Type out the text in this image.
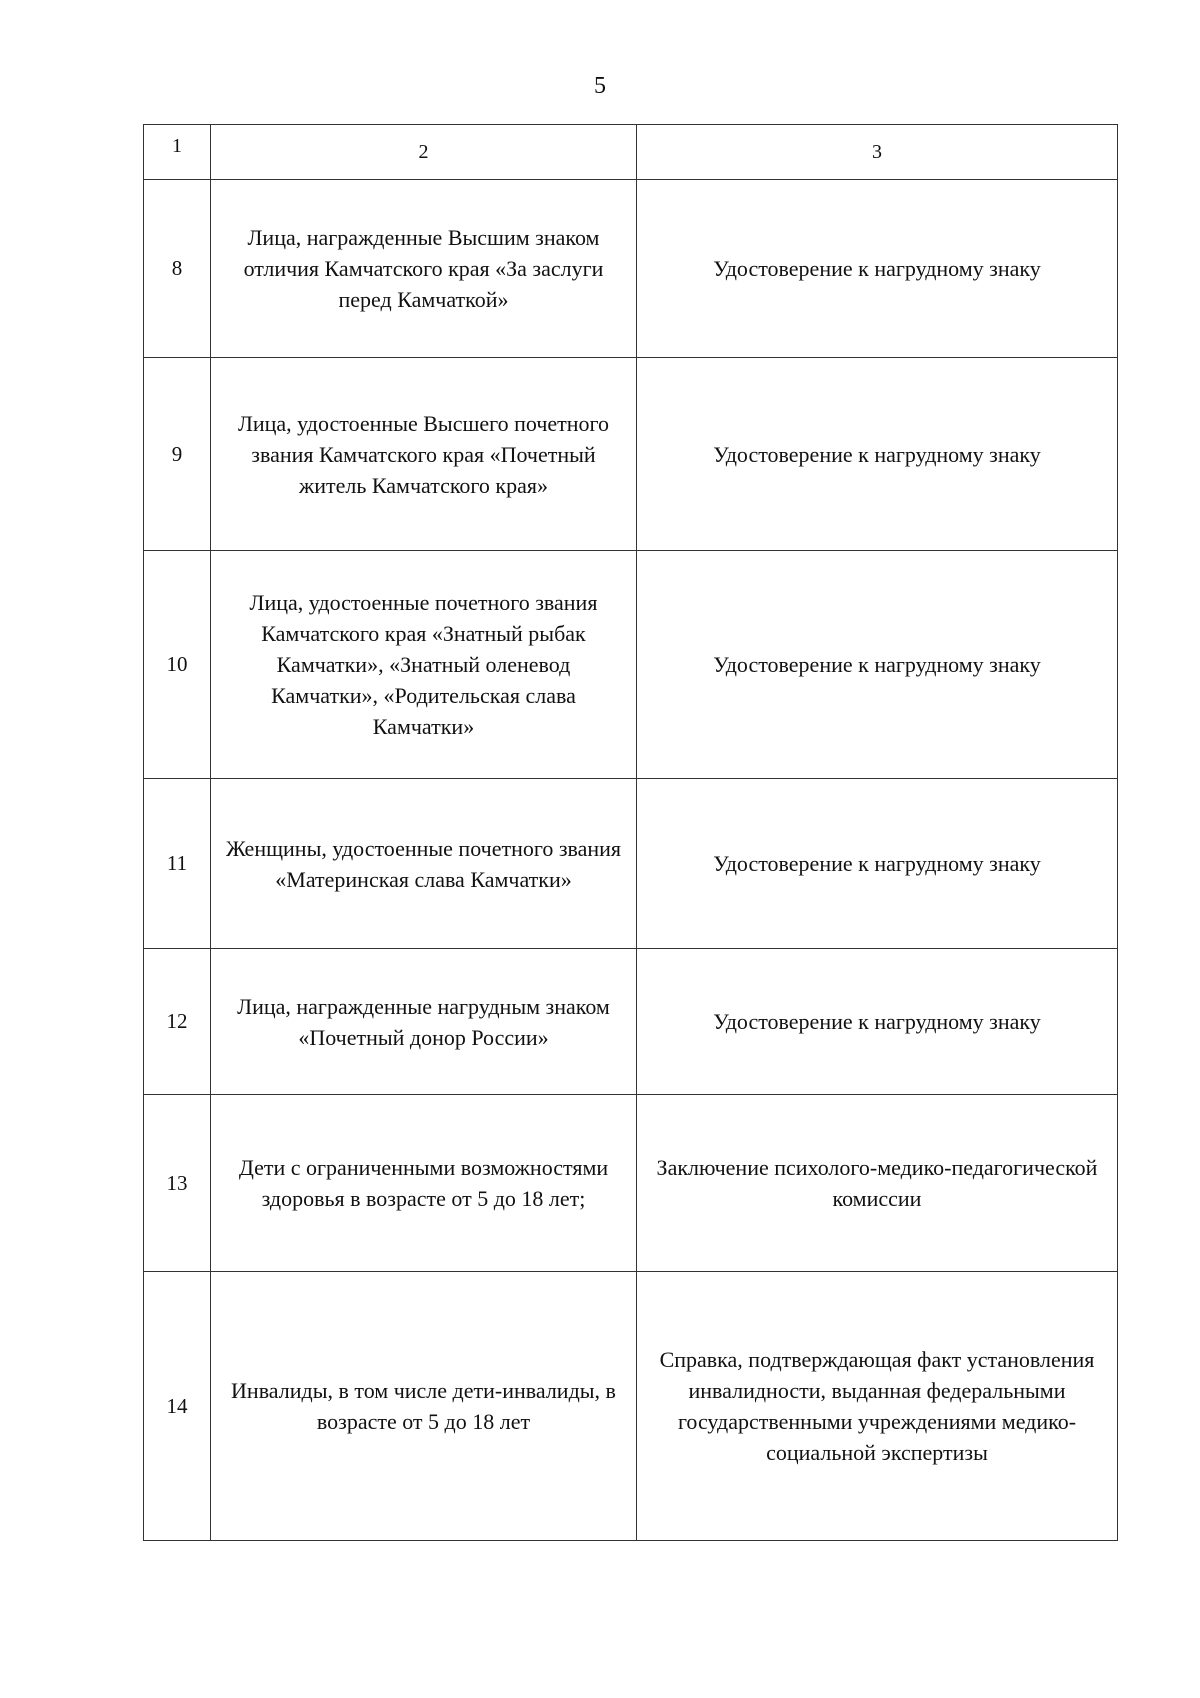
5
1	2	3
8	Лица, награжденные Высшим знаком отличия Камчатского края «За заслуги перед Камчаткой»	Удостоверение к нагрудному знаку
9	Лица, удостоенные Высшего почетного звания Камчатского края «Почетный житель Камчатского края»	Удостоверение к нагрудному знаку
10	Лица, удостоенные почетного звания Камчатского края «Знатный рыбак Камчатки», «Знатный оленевод Камчатки», «Родительская слава Камчатки»	Удостоверение к нагрудному знаку
11	Женщины, удостоенные почетного звания «Материнская слава Камчатки»	Удостоверение к нагрудному знаку
12	Лица, награжденные нагрудным знаком «Почетный донор России»	Удостоверение к нагрудному знаку
13	Дети с ограниченными возможностями здоровья в возрасте от 5 до 18 лет;	Заключение психолого-медико-педагогической комиссии
14	Инвалиды, в том числе дети-инвалиды, в возрасте от 5 до 18 лет	Справка, подтверждающая факт установления инвалидности, выданная федеральными государственными учреждениями медико-социальной экспертизы
